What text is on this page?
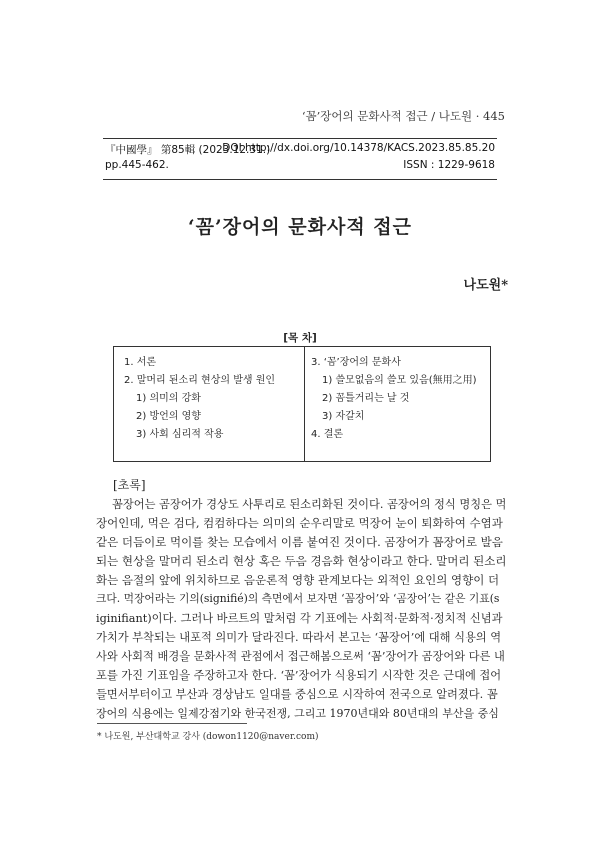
‘꼼’장어의 문화사적 접근 / 나도원 · 445
『中國學』 第85輯 (2023.12.31.)
DOI http://dx.doi.org/10.14378/KACS.2023.85.85.20
pp.445-462.	ISSN : 1229-9618
‘꼼’장어의 문화사적 접근
나도원*
[목 차]
1. 서론
2. 말머리 된소리 현상의 발생 원인
1) 의미의 강화
2) 방언의 영향
3) 사회 심리적 작용
3. ‘꼼’장어의 문화사
1) 쓸모없음의 쓸모 있음(無用之用)
2) 꼼틀거리는 날 것
3) 자갈치
4. 결론
[초록]
꼼장어는 곰장어가 경상도 사투리로 된소리화된 것이다. 곰장어의 정식 명칭은 먹
장어인데, 먹은 검다, 컴컴하다는 의미의 순우리말로 먹장어 눈이 퇴화하여 수염과
같은 더듬이로 먹이를 찾는 모습에서 이름 붙여진 것이다. 곰장어가 꼼장어로 발음
되는 현상을 말머리 된소리 현상 혹은 두음 경음화 현상이라고 한다. 말머리 된소리
화는 음절의 앞에 위치하므로 음운론적 영향 관계보다는 외적인 요인의 영향이 더
크다. 먹장어라는 기의(signifié)의 측면에서 보자면 ‘꼼장어’와 ‘곰장어’는 같은 기표(s
iginifiant)이다. 그러나 바르트의 말처럼 각 기표에는 사회적·문화적·정치적 신념과
가치가 부착되는 내포적 의미가 달라진다. 따라서 본고는 ‘꼼장어’에 대해 식용의 역
사와 사회적 배경을 문화사적 관점에서 접근해봄으로써 ‘꼼’장어가 곰장어와 다른 내
포를 가진 기표임을 주장하고자 한다. ‘꼼’장어가 식용되기 시작한 것은 근대에 접어
들면서부터이고 부산과 경상남도 일대를 중심으로 시작하여 전국으로 알려졌다. 꼼
장어의 식용에는 일제강점기와 한국전쟁, 그리고 1970년대와 80년대의 부산을 중심
* 나도원, 부산대학교 강사 (dowon1120@naver.com)
